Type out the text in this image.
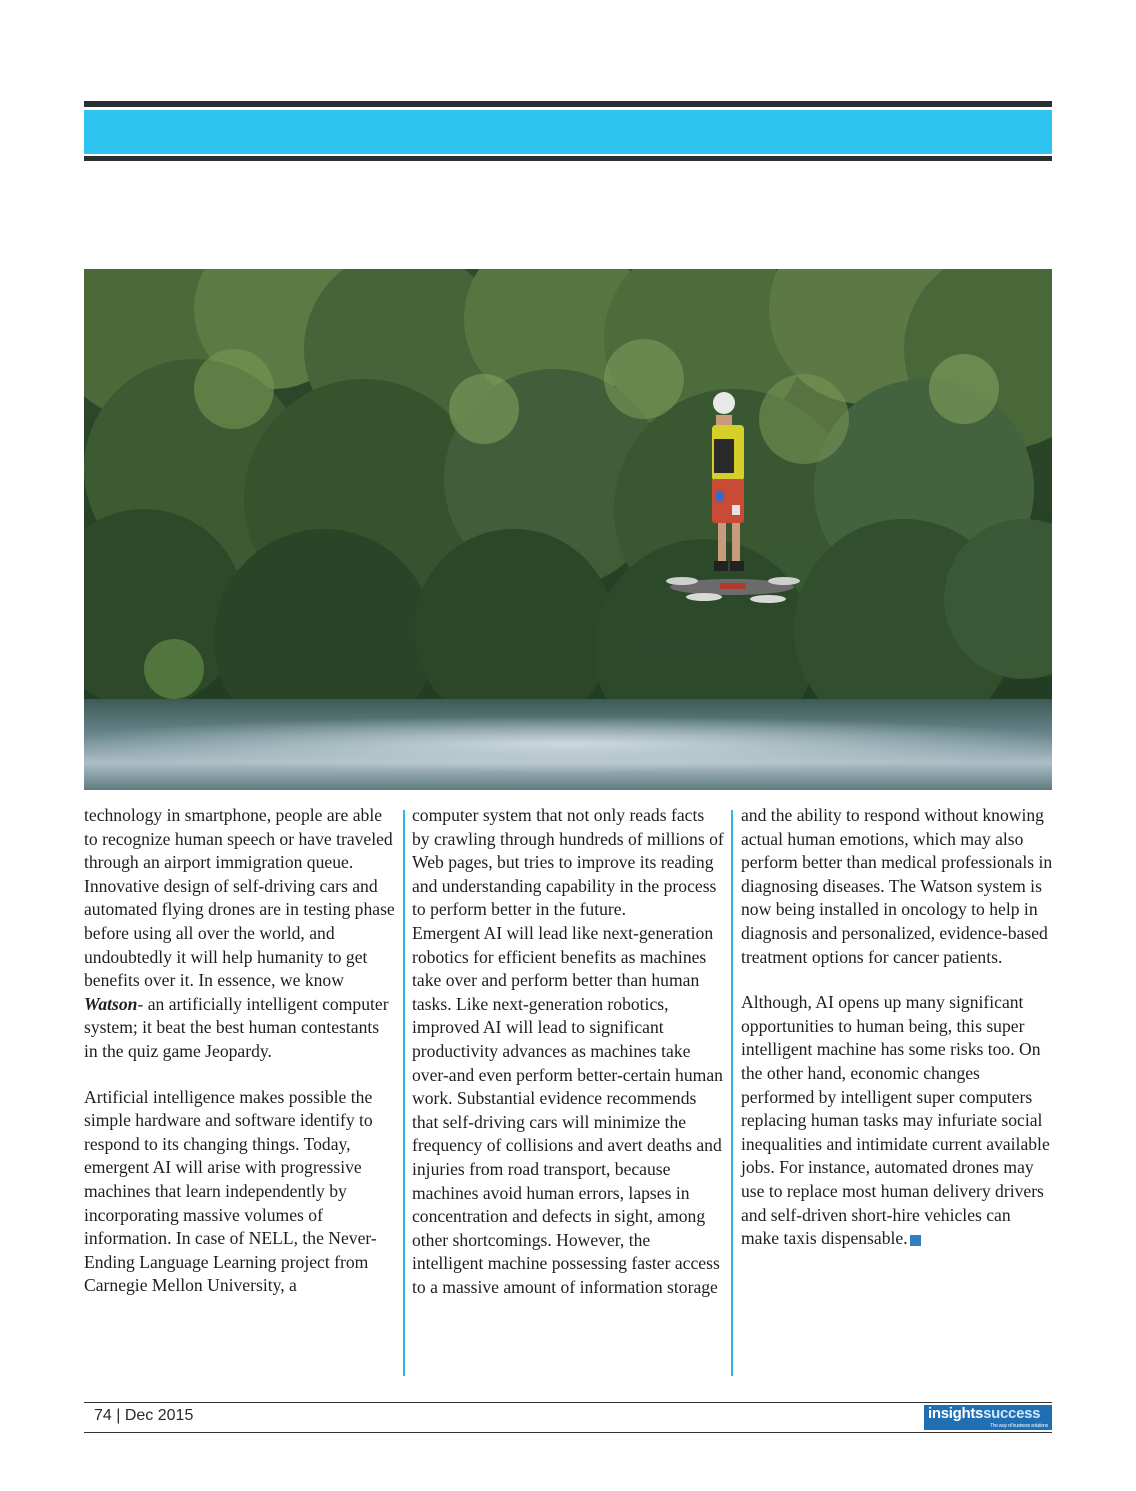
technology in smartphone, people are able to recognize human speech or have traveled through an airport immigration queue. Innovative design of self-driving cars and automated flying drones are in testing phase before using all over the world, and undoubtedly it will help humanity to get benefits over it. In essence, we know Watson- an artificially intelligent computer system; it beat the best human contestants in the quiz game Jeopardy.

Artificial intelligence makes possible the simple hardware and software identify to respond to its changing things. Today, emergent AI will arise with progressive machines that learn independently by incorporating massive volumes of information. In case of NELL, the Never-Ending Language Learning project from Carnegie Mellon University, a

computer system that not only reads facts by crawling through hundreds of millions of Web pages, but tries to improve its reading and understanding capability in the process to perform better in the future.

Emergent AI will lead like next-generation robotics for efficient benefits as machines take over and perform better than human tasks. Like next-generation robotics, improved AI will lead to significant productivity advances as machines take over-and even perform better-certain human work. Substantial evidence recommends that self-driving cars will minimize the frequency of collisions and avert deaths and injuries from road transport, because machines avoid human errors, lapses in concentration and defects in sight, among other shortcomings. However, the intelligent machine possessing faster access to a massive amount of information storage

and the ability to respond without knowing actual human emotions, which may also perform better than medical professionals in diagnosing diseases. The Watson system is now being installed in oncology to help in diagnosis and personalized, evidence-based treatment options for cancer patients.

Although, AI opens up many significant opportunities to human being, this super intelligent machine has some risks too. On the other hand, economic changes performed by intelligent super computers replacing human tasks may infuriate social inequalities and intimidate current available jobs. For instance, automated drones may use to replace most human delivery drivers and self-driven short-hire vehicles can make taxis dispensable.

74 | Dec 2015	insightssuccess
The way of business solutions
